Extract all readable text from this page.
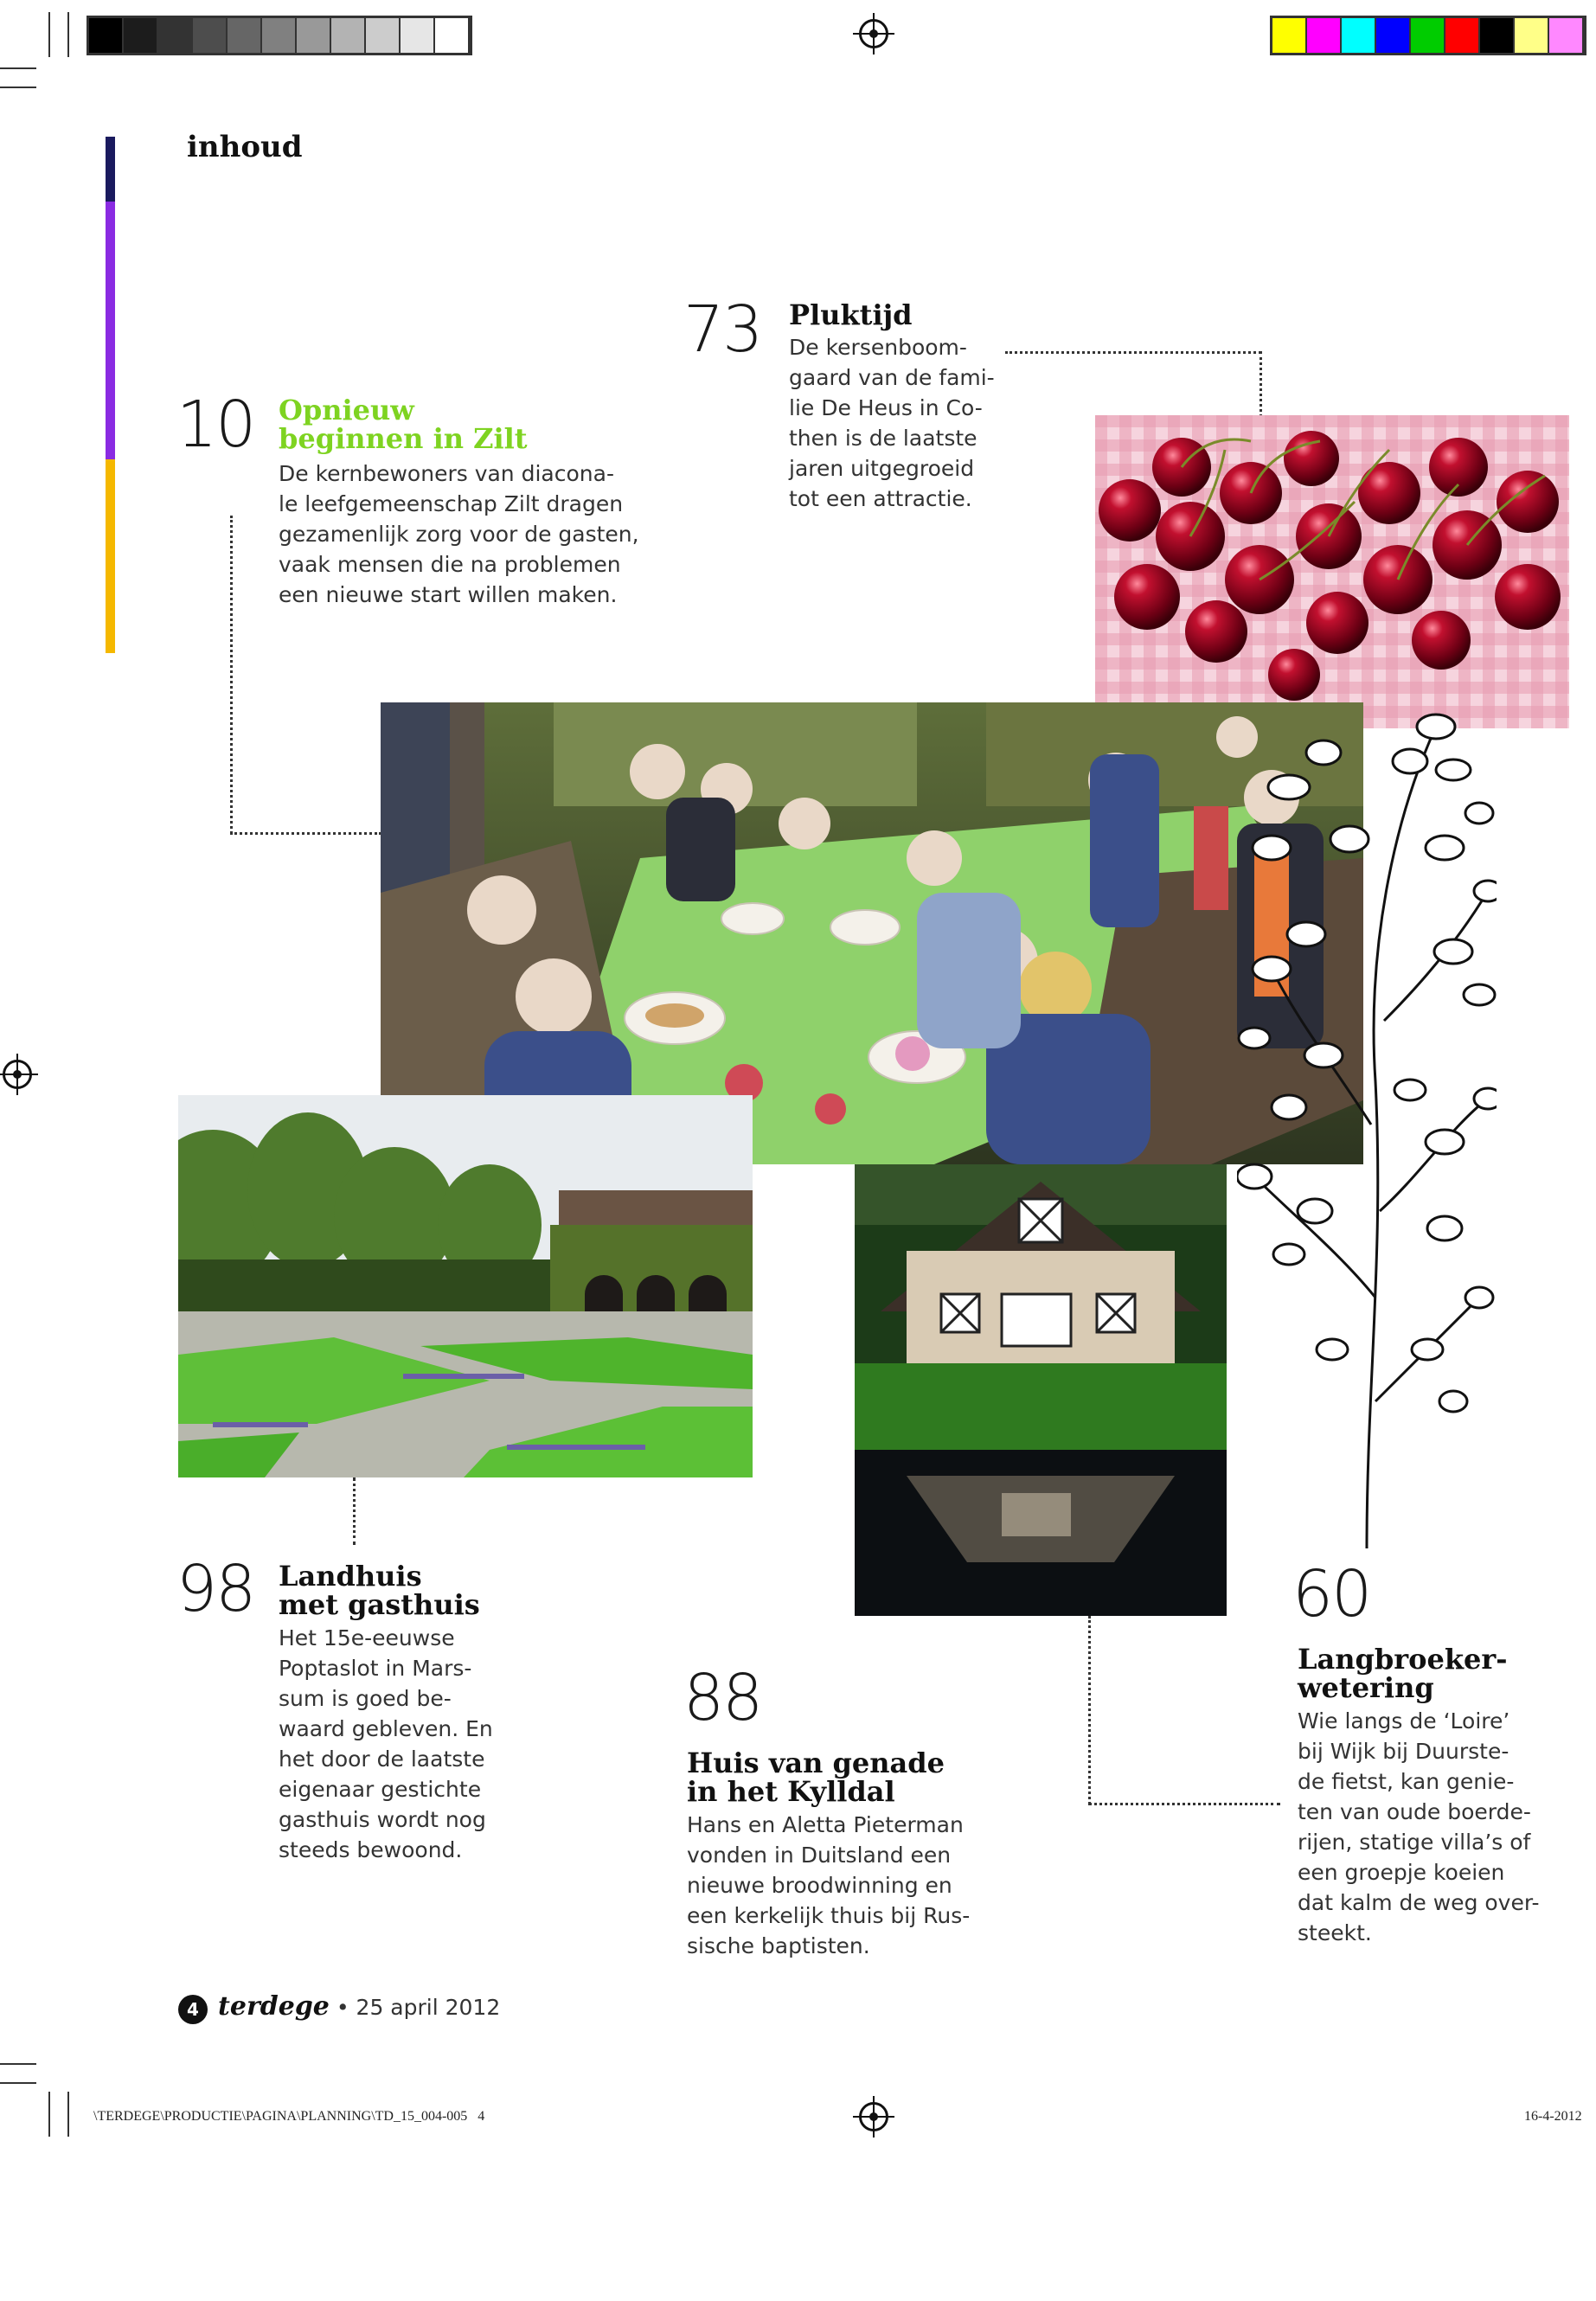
inhoud
10 Opnieuw
beginnen in Zilt
De kernbewoners van diacona-
le leefgemeenschap Zilt dragen
gezamenlijk zorg voor de gasten,
vaak mensen die na problemen
een nieuwe start willen maken.
73 Pluktijd
De kersenboom-
gaard van de fami-
lie De Heus in Co-
then is de laatste
jaren uitgegroeid
tot een attractie.
98 Landhuis
met gasthuis
Het 15e-eeuwse
Poptaslot in Mars-
sum is goed be-
waard gebleven. En
het door de laatste
eigenaar gestichte
gasthuis wordt nog
steeds bewoond.
88
Huis van genade
in het Kylldal
Hans en Aletta Pieterman
vonden in Duitsland een
nieuwe broodwinning en
een kerkelijk thuis bij Rus-
sische baptisten.
60
Langbroeker-
wetering
Wie langs de ‘Loire’
bij Wijk bij Duurste-
de fietst, kan genie-
ten van oude boerde-
rijen, statige villa’s of
een groepje koeien
dat kalm de weg over-
steekt.
4 terdege • 25 april 2012
\TERDEGE\PRODUCTIE\PAGINA\PLANNING\TD_15_004-005 4	16-4-2012
